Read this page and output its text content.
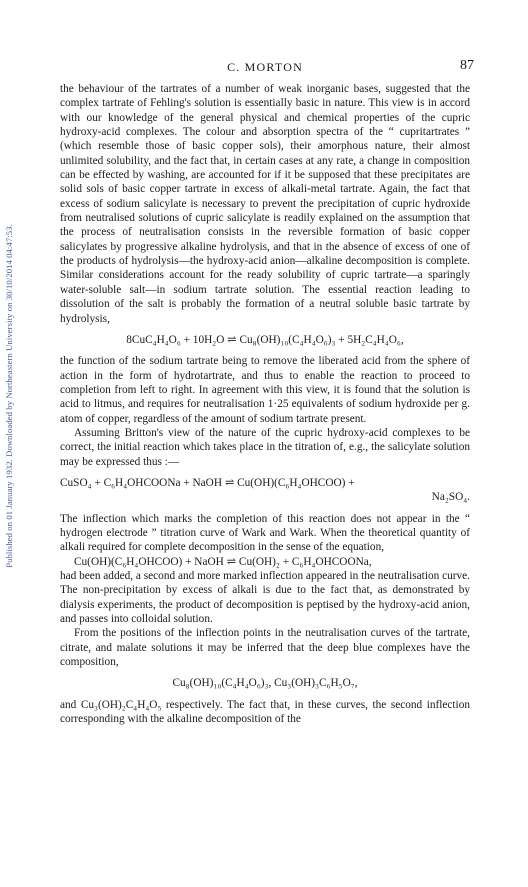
Published on 01 January 1932. Downloaded by Northeastern University on 30/10/2014 04:47:53.
C. MORTON	87

the behaviour of the tartrates of a number of weak inorganic bases, suggested that the complex tartrate of Fehling's solution is essentially basic in nature. This view is in accord with our knowledge of the general physical and chemical properties of the cupric hydroxy-acid complexes. The colour and absorption spectra of the “ cupritartrates ” (which resemble those of basic copper sols), their amorphous nature, their almost unlimited solubility, and the fact that, in certain cases at any rate, a change in composition can be effected by washing, are accounted for if it be supposed that these precipitates are solid sols of basic copper tartrate in excess of alkali-metal tartrate. Again, the fact that excess of sodium salicylate is necessary to prevent the precipitation of cupric hydroxide from neutralised solutions of cupric salicylate is readily explained on the assumption that the process of neutralisation consists in the reversible formation of basic copper salicylates by progressive alkaline hydrolysis, and that in the absence of excess of one of the products of hydrolysis—the hydroxy-acid anion—alkaline decomposition is complete. Similar considerations account for the ready solubility of cupric tartrate—a sparingly water-soluble salt—in sodium tartrate solution. The essential reaction leading to dissolution of the salt is probably the formation of a neutral soluble basic tartrate by hydrolysis,

8CuC₄H₄O₆ + 10H₂O ⇌ Cu₈(OH)₁₀(C₄H₄O₆)₃ + 5H₂C₄H₄O₆,

the function of the sodium tartrate being to remove the liberated acid from the sphere of action in the form of hydrotartrate, and thus to enable the reaction to proceed to completion from left to right. In agreement with this view, it is found that the solution is acid to litmus, and requires for neutralisation 1·25 equivalents of sodium hydroxide per g. atom of copper, regardless of the amount of sodium tartrate present.

Assuming Britton's view of the nature of the cupric hydroxy-acid complexes to be correct, the initial reaction which takes place in the titration of, e.g., the salicylate solution may be expressed thus :—

CuSO₄ + C₆H₄OHCOONa + NaOH ⇌ Cu(OH)(C₆H₄OHCOO) +
Na₂SO₄.

The inflection which marks the completion of this reaction does not appear in the “ hydrogen electrode ” titration curve of Wark and Wark. When the theoretical quantity of alkali required for complete decomposition in the sense of the equation,

Cu(OH)(C₆H₄OHCOO) + NaOH ⇌ Cu(OH)₂ + C₆H₄OHCOONa,

had been added, a second and more marked inflection appeared in the neutralisation curve. The non-precipitation by excess of alkali is due to the fact that, as demonstrated by dialysis experiments, the product of decomposition is peptised by the hydroxy-acid anion, and passes into colloidal solution.

From the positions of the inflection points in the neutralisation curves of the tartrate, citrate, and malate solutions it may be inferred that the deep blue complexes have the composition,

Cu₈(OH)₁₀(C₄H₄O₆)₃, Cu₃(OH)₃C₆H₅O₇,

and Cu₃(OH)₂C₄H₄O₅ respectively. The fact that, in these curves, the second inflection corresponding with the alkaline decomposition of the
